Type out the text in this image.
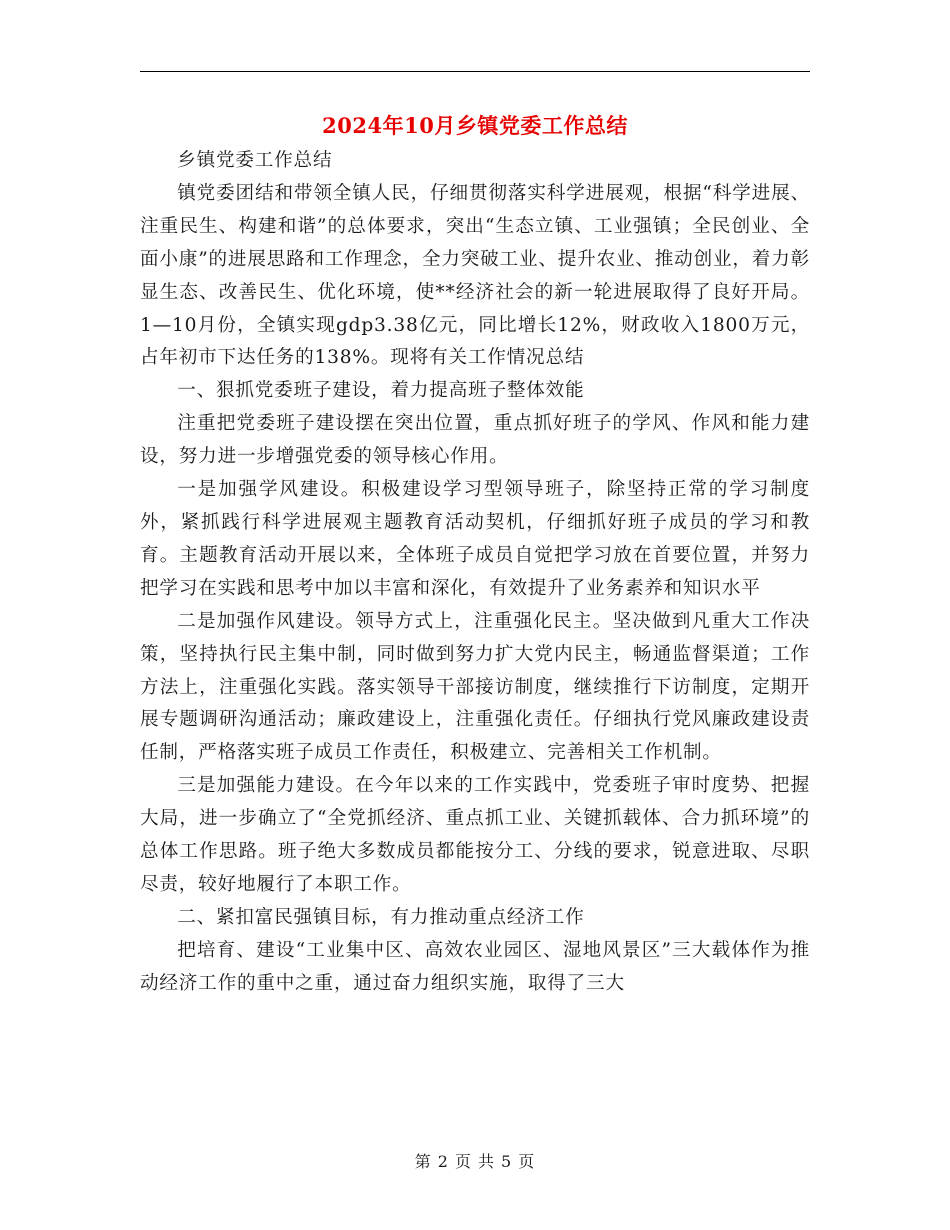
2024年10月乡镇党委工作总结

乡镇党委工作总结

镇党委团结和带领全镇人民，仔细贯彻落实科学进展观，根据“科学进展、注重民生、构建和谐”的总体要求，突出“生态立镇、工业强镇；全民创业、全面小康”的进展思路和工作理念，全力突破工业、提升农业、推动创业，着力彰显生态、改善民生、优化环境，使**经济社会的新一轮进展取得了良好开局。1—10月份，全镇实现gdp3.38亿元，同比增长12%，财政收入1800万元，占年初市下达任务的138%。现将有关工作情况总结

一、狠抓党委班子建设，着力提高班子整体效能

注重把党委班子建设摆在突出位置，重点抓好班子的学风、作风和能力建设，努力进一步增强党委的领导核心作用。

一是加强学风建设。积极建设学习型领导班子，除坚持正常的学习制度外，紧抓践行科学进展观主题教育活动契机，仔细抓好班子成员的学习和教育。主题教育活动开展以来，全体班子成员自觉把学习放在首要位置，并努力把学习在实践和思考中加以丰富和深化，有效提升了业务素养和知识水平

二是加强作风建设。领导方式上，注重强化民主。坚决做到凡重大工作决策，坚持执行民主集中制，同时做到努力扩大党内民主，畅通监督渠道；工作方法上，注重强化实践。落实领导干部接访制度，继续推行下访制度，定期开展专题调研沟通活动；廉政建设上，注重强化责任。仔细执行党风廉政建设责任制，严格落实班子成员工作责任，积极建立、完善相关工作机制。

三是加强能力建设。在今年以来的工作实践中，党委班子审时度势、把握大局，进一步确立了“全党抓经济、重点抓工业、关键抓载体、合力抓环境”的总体工作思路。班子绝大多数成员都能按分工、分线的要求，锐意进取、尽职尽责，较好地履行了本职工作。

二、紧扣富民强镇目标，有力推动重点经济工作

把培育、建设“工业集中区、高效农业园区、湿地风景区”三大载体作为推动经济工作的重中之重，通过奋力组织实施，取得了三大

第 2 页 共 5 页
